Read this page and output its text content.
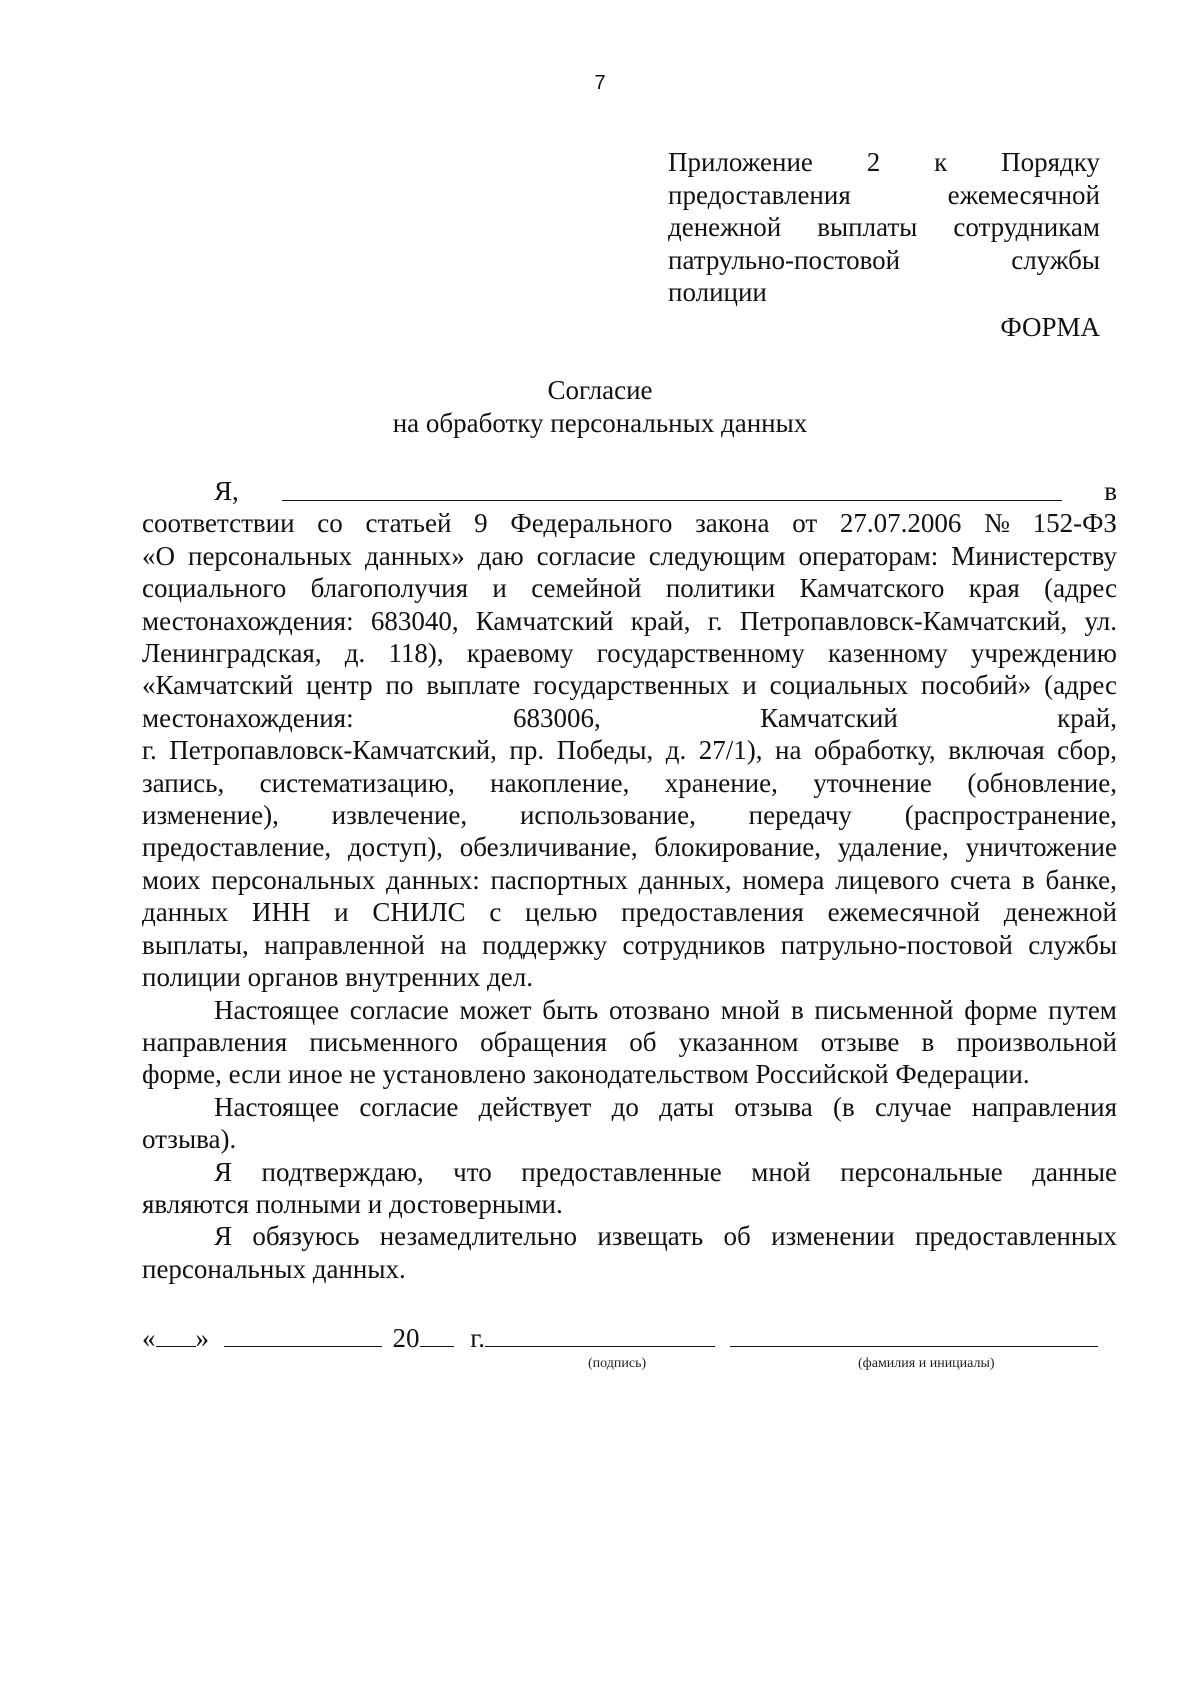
7
Приложение 2 к Порядку
предоставления	ежемесячной
денежной выплаты сотрудникам
патрульно-постовой	службы
полиции
ФОРМА
Согласие
на обработку персональных данных
Я,	в
соответствии со статьей 9 Федерального закона от 27.07.2006 № 152-ФЗ
«О персональных данных» даю согласие следующим операторам: Министерству
социального благополучия и семейной политики Камчатского края (адрес
местонахождения: 683040, Камчатский край, г. Петропавловск-Камчатский, ул.
Ленинградская, д. 118), краевому государственному казенному учреждению
«Камчатский центр по выплате государственных и социальных пособий» (адрес
местонахождения:	683006,	Камчатский	край,
г. Петропавловск-Камчатский, пр. Победы, д. 27/1), на обработку, включая сбор,
запись, систематизацию, накопление, хранение, уточнение (обновление,
изменение), извлечение, использование, передачу (распространение,
предоставление, доступ), обезличивание, блокирование, удаление, уничтожение
моих персональных данных: паспортных данных, номера лицевого счета в банке,
данных ИНН и СНИЛС с целью предоставления ежемесячной денежной
выплаты, направленной на поддержку сотрудников патрульно-постовой службы
полиции органов внутренних дел.
Настоящее согласие может быть отозвано мной в письменной форме путем
направления письменного обращения об указанном отзыве в произвольной
форме, если иное не установлено законодательством Российской Федерации.
Настоящее согласие действует до даты отзыва (в случае направления
отзыва).
Я подтверждаю, что предоставленные мной персональные данные
являются полными и достоверными.
Я обязуюсь незамедлительно извещать об изменении предоставленных
персональных данных.
« »	20 г.
(подпись)	(фамилия и инициалы)
